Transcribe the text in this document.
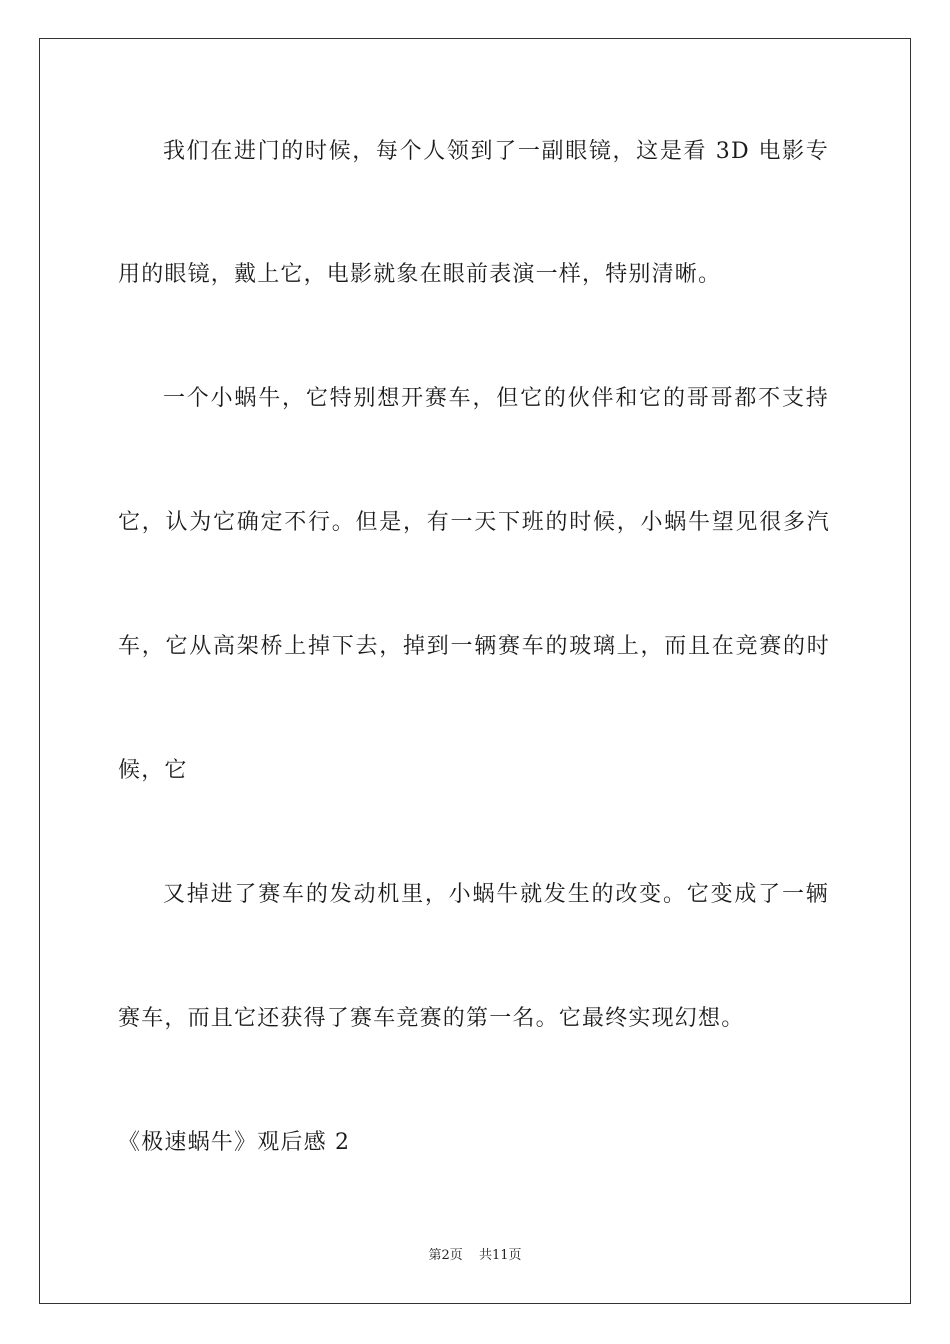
我们在进门的时候，每个人领到了一副眼镜，这是看 3D 电影专
用的眼镜，戴上它，电影就象在眼前表演一样，特别清晰。
一个小蜗牛，它特别想开赛车，但它的伙伴和它的哥哥都不支持
它，认为它确定不行。但是，有一天下班的时候，小蜗牛望见很多汽
车，它从高架桥上掉下去，掉到一辆赛车的玻璃上，而且在竞赛的时
候，它
又掉进了赛车的发动机里，小蜗牛就发生的改变。它变成了一辆
赛车，而且它还获得了赛车竞赛的第一名。它最终实现幻想。
《极速蜗牛》观后感 2
第2页 共11页
